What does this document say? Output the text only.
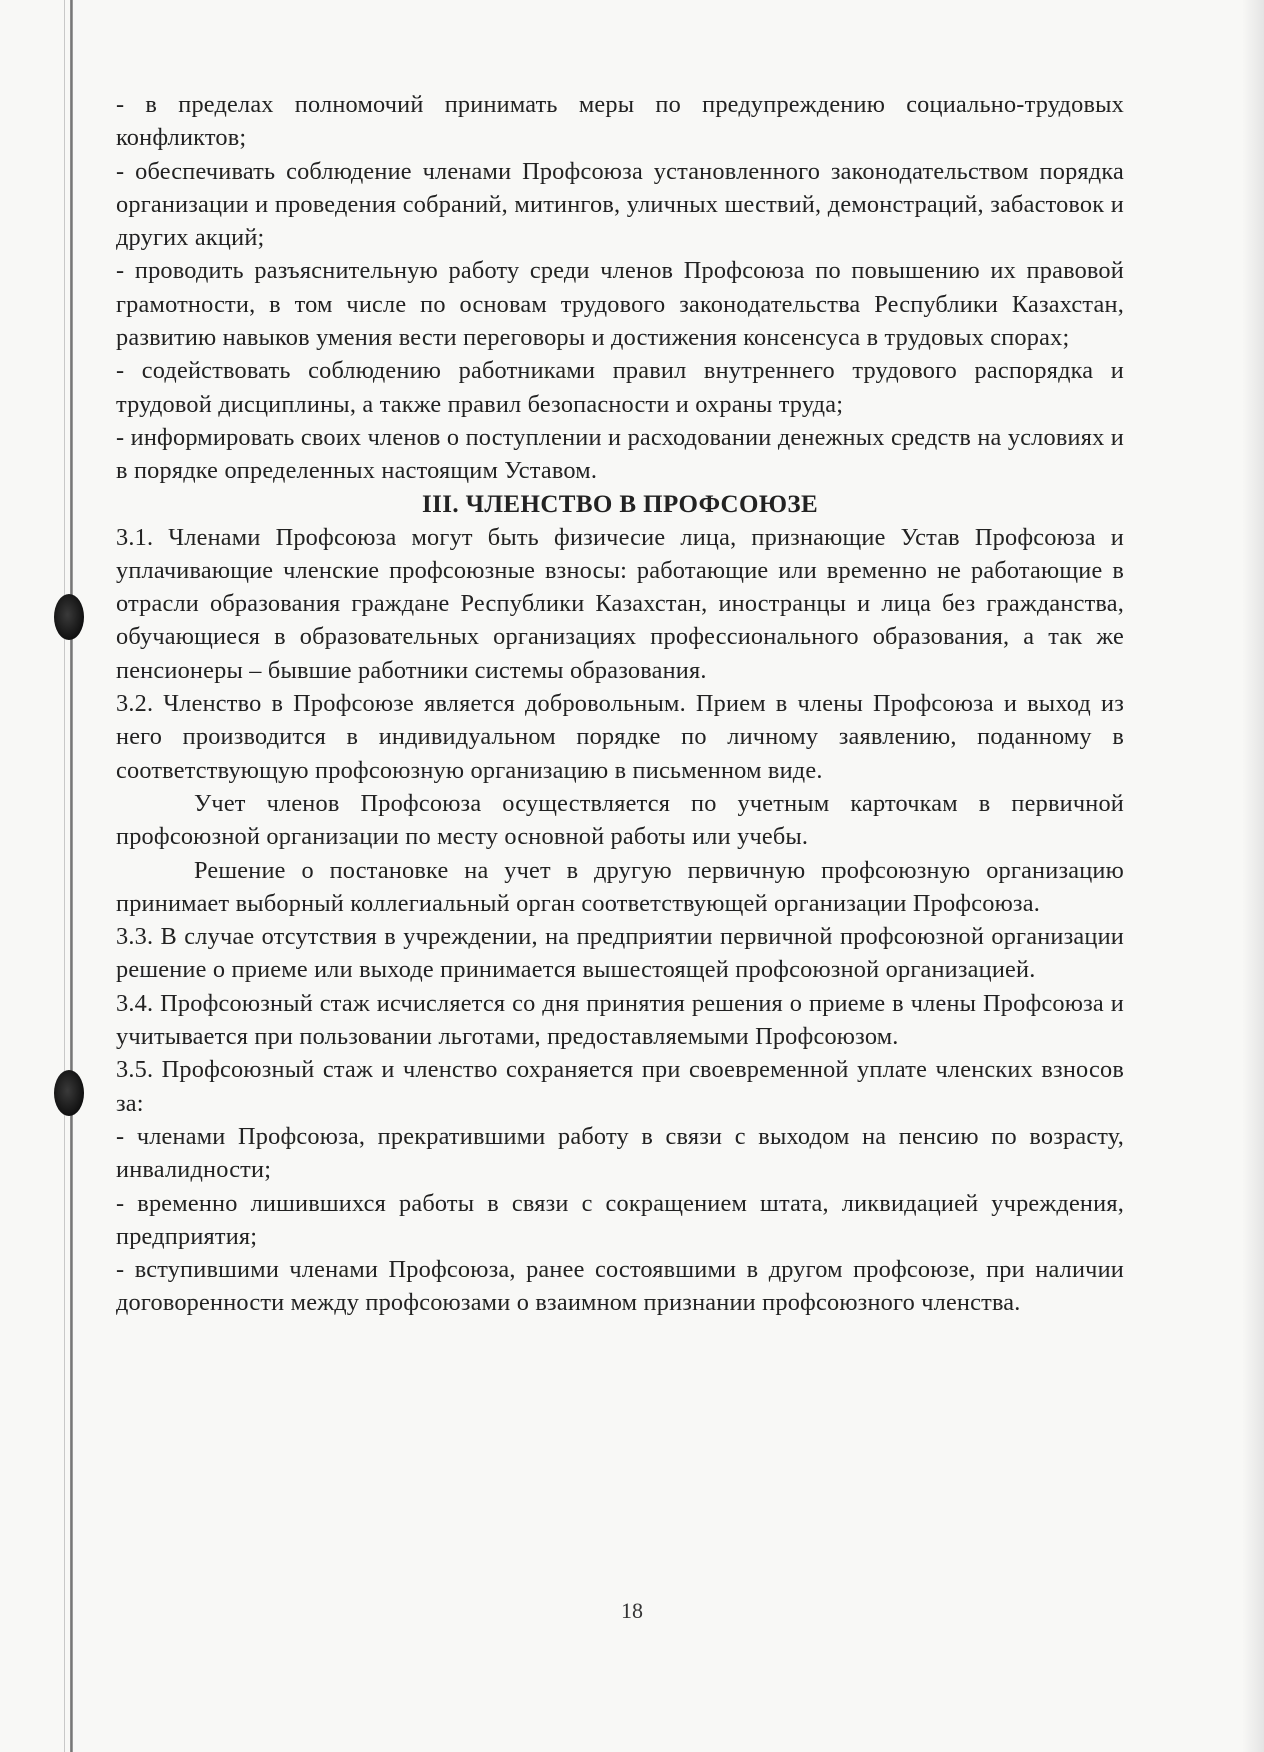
- в пределах полномочий принимать меры по предупреждению социально-трудовых конфликтов;

- обеспечивать соблюдение членами Профсоюза установленного законодательством порядка организации и проведения собраний, митингов, уличных шествий, демонстраций, забастовок и других акций;

- проводить разъяснительную работу среди членов Профсоюза по повышению их правовой грамотности, в том числе по основам трудового законодательства Республики Казахстан, развитию навыков умения вести переговоры и достижения консенсуса в трудовых спорах;

- содействовать соблюдению работниками правил внутреннего трудового распорядка и трудовой дисциплины, а также правил безопасности и охраны труда;

- информировать своих членов о поступлении и расходовании денежных средств на условиях и в порядке определенных настоящим Уставом.

III. ЧЛЕНСТВО В ПРОФСОЮЗЕ

3.1. Членами Профсоюза могут быть физичесие лица, признающие Устав Профсоюза и уплачивающие членские профсоюзные взносы: работающие или временно не работающие в отрасли образования граждане Республики Казахстан, иностранцы и лица без гражданства, обучающиеся в образовательных организациях профессионального образования, а так же пенсионеры – бывшие работники системы образования.

3.2. Членство в Профсоюзе является добровольным. Прием в члены Профсоюза и выход из него производится в индивидуальном порядке по личному заявлению, поданному в соответствующую профсоюзную организацию в письменном виде.

Учет членов Профсоюза осуществляется по учетным карточкам в первичной профсоюзной организации по месту основной работы или учебы.

Решение о постановке на учет в другую первичную профсоюзную организацию принимает выборный коллегиальный орган соответствующей организации Профсоюза.

3.3. В случае отсутствия в учреждении, на предприятии первичной профсоюзной организации решение о приеме или выходе принимается вышестоящей профсоюзной организацией.

3.4. Профсоюзный стаж исчисляется со дня принятия решения о приеме в члены Профсоюза и учитывается при пользовании льготами, предоставляемыми Профсоюзом.

3.5. Профсоюзный стаж и членство сохраняется при своевременной уплате членских взносов за:

- членами Профсоюза, прекратившими работу в связи с выходом на пенсию по возрасту, инвалидности;

- временно лишившихся работы в связи с сокращением штата, ликвидацией учреждения, предприятия;

- вступившими членами Профсоюза, ранее состоявшими в другом профсоюзе, при наличии договоренности между профсоюзами о взаимном признании профсоюзного членства.

18
